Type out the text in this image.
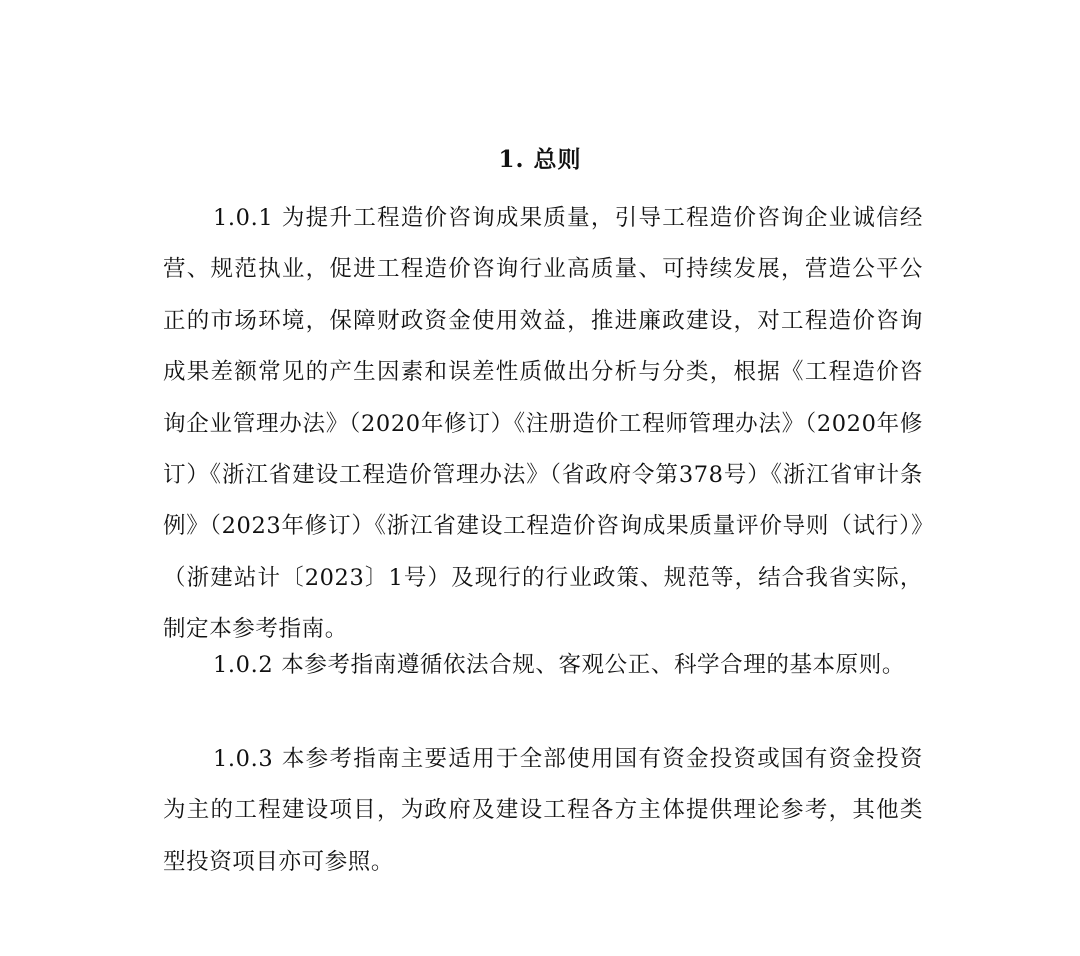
1. 总则

1.0.1 为提升工程造价咨询成果质量，引导工程造价咨询企业诚信经营、规范执业，促进工程造价咨询行业高质量、可持续发展，营造公平公正的市场环境，保障财政资金使用效益，推进廉政建设，对工程造价咨询成果差额常见的产生因素和误差性质做出分析与分类，根据《工程造价咨询企业管理办法》（2020年修订）《注册造价工程师管理办法》（2020年修订）《浙江省建设工程造价管理办法》（省政府令第378号）《浙江省审计条例》（2023年修订）《浙江省建设工程造价咨询成果质量评价导则（试行）》（浙建站计〔2023〕1号）及现行的行业政策、规范等，结合我省实际，制定本参考指南。

1.0.2 本参考指南遵循依法合规、客观公正、科学合理的基本原则。

1.0.3 本参考指南主要适用于全部使用国有资金投资或国有资金投资为主的工程建设项目，为政府及建设工程各方主体提供理论参考，其他类型投资项目亦可参照。
